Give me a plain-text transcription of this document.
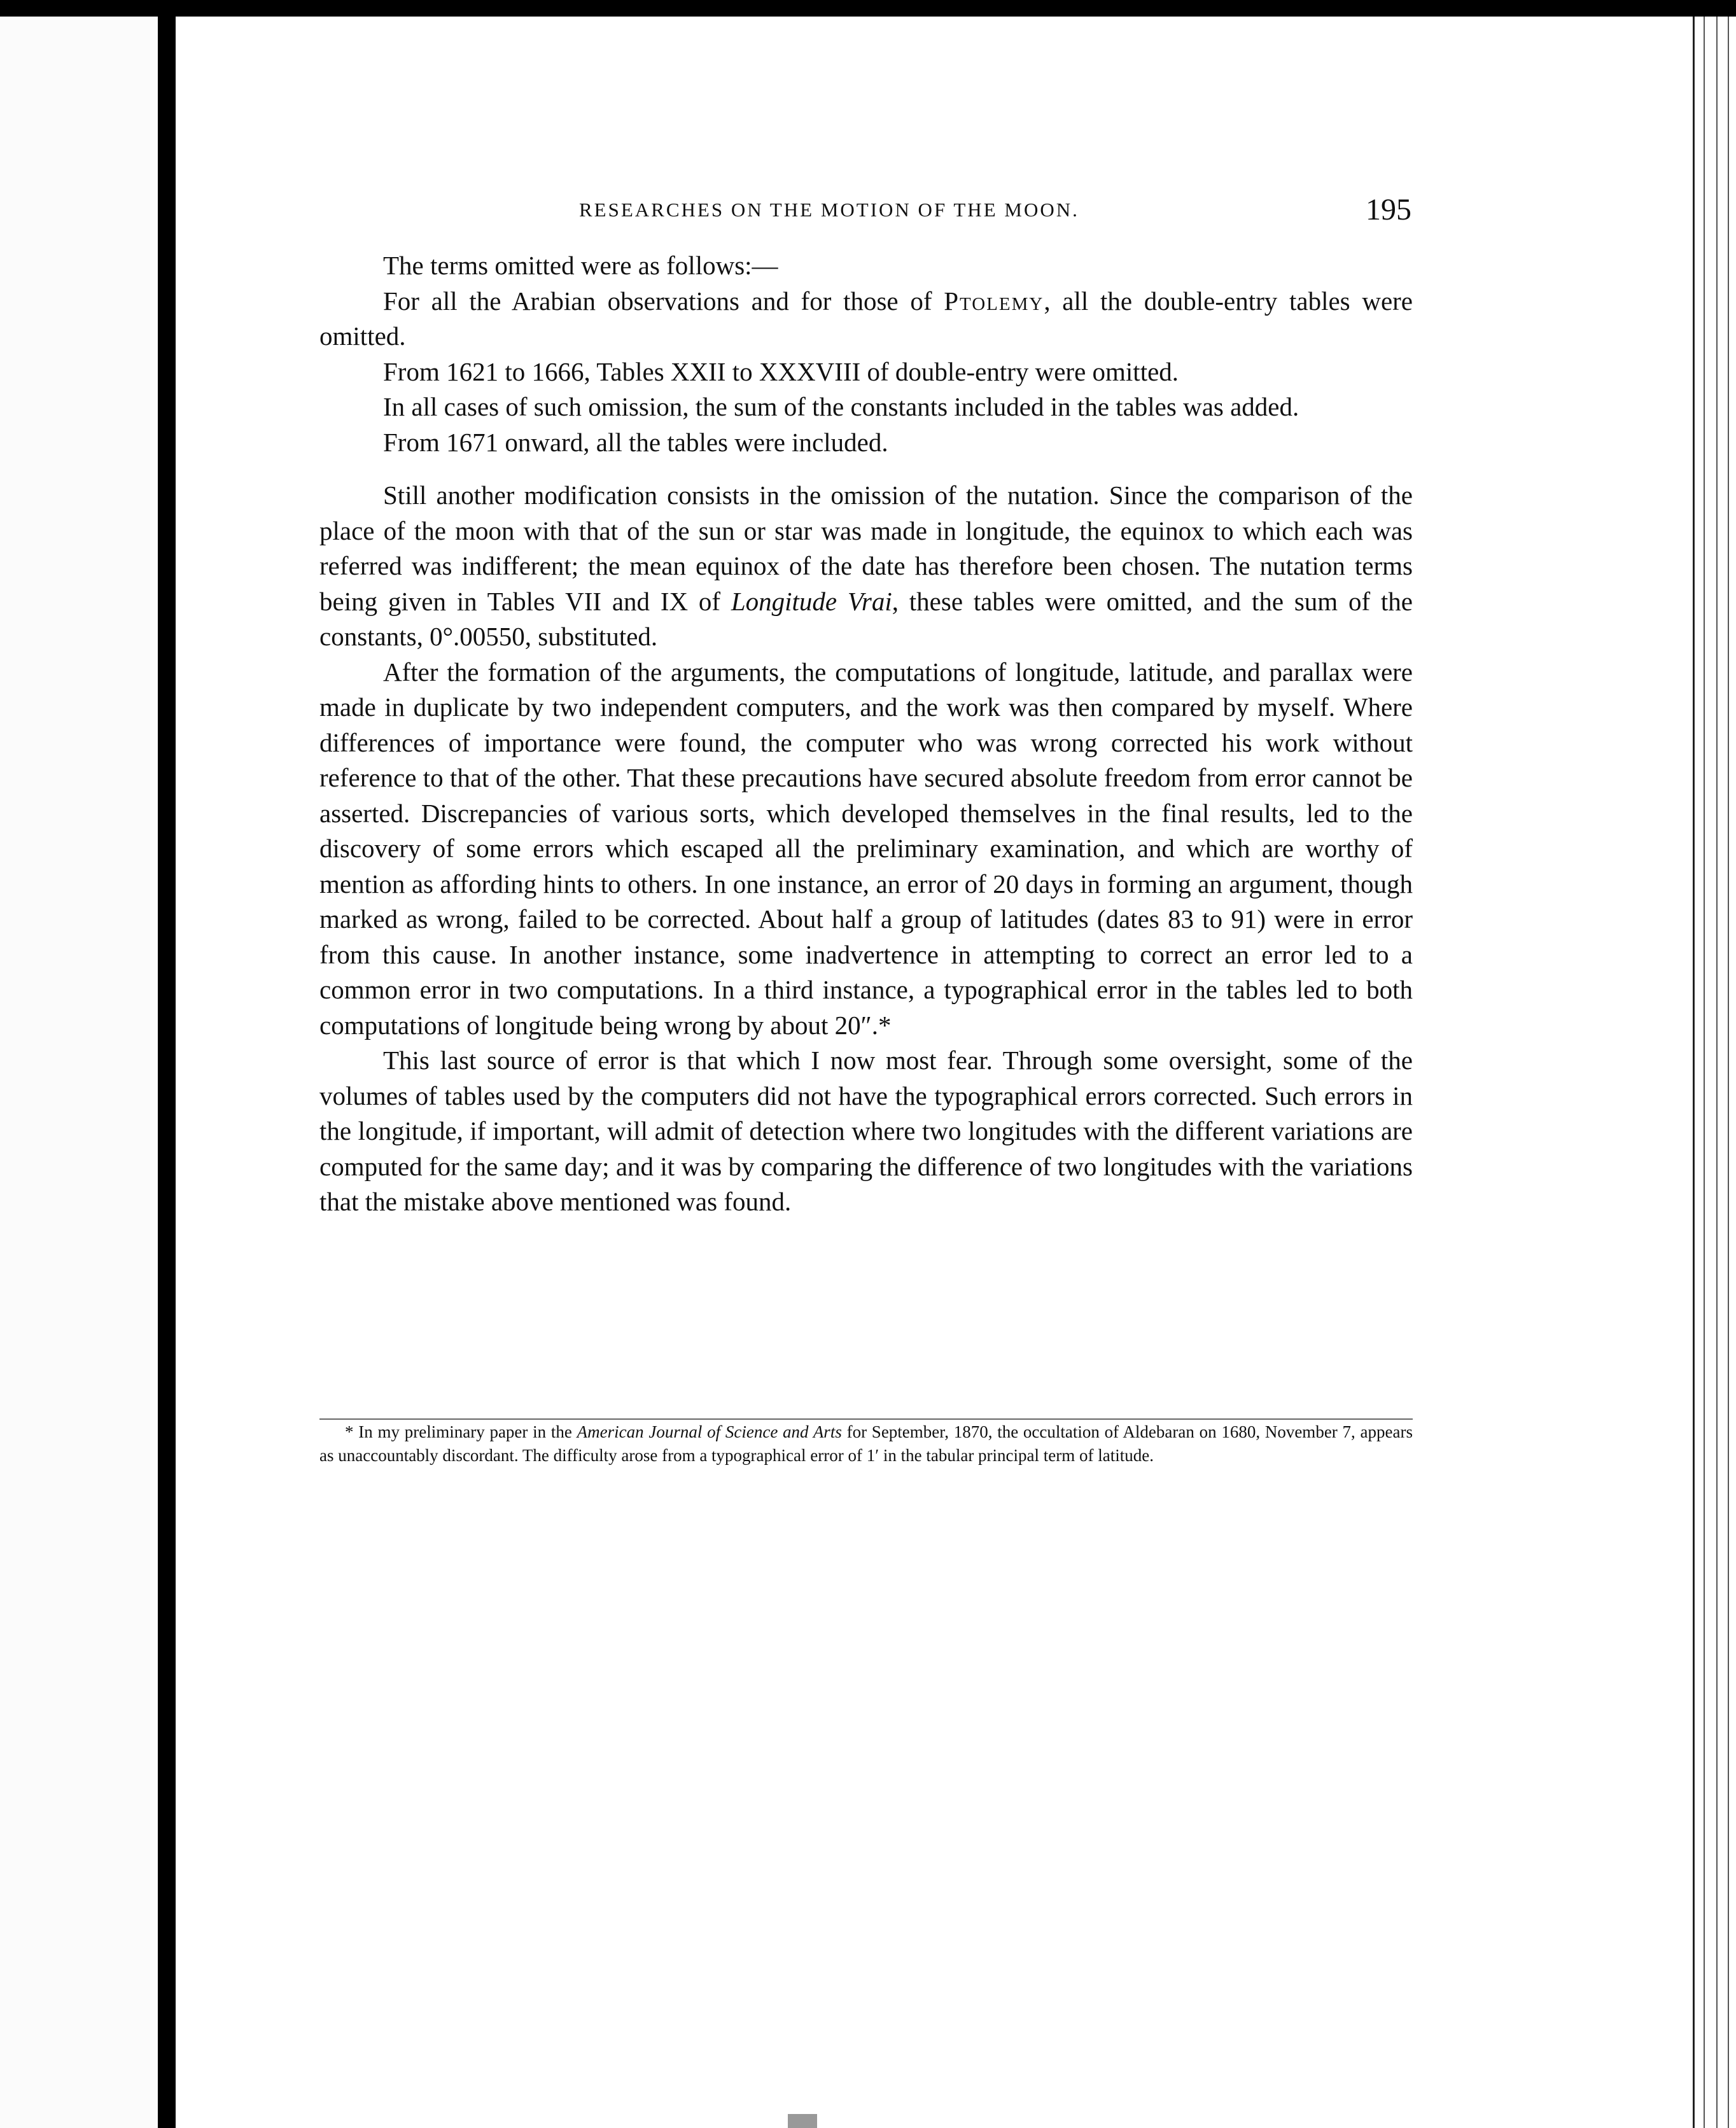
RESEARCHES ON THE MOTION OF THE MOON.	195

The terms omitted were as follows:—

For all the Arabian observations and for those of Ptolemy, all the double-entry tables were omitted.

From 1621 to 1666, Tables XXII to XXXVIII of double-entry were omitted.

In all cases of such omission, the sum of the constants included in the tables was added.

From 1671 onward, all the tables were included.

Still another modification consists in the omission of the nutation. Since the comparison of the place of the moon with that of the sun or star was made in longitude, the equinox to which each was referred was indifferent; the mean equinox of the date has therefore been chosen. The nutation terms being given in Tables VII and IX of Longitude Vrai, these tables were omitted, and the sum of the constants, 0°.00550, substituted.

After the formation of the arguments, the computations of longitude, latitude, and parallax were made in duplicate by two independent computers, and the work was then compared by myself. Where differences of importance were found, the computer who was wrong corrected his work without reference to that of the other. That these precautions have secured absolute freedom from error cannot be asserted. Discrepancies of various sorts, which developed themselves in the final results, led to the discovery of some errors which escaped all the preliminary examination, and which are worthy of mention as affording hints to others. In one instance, an error of 20 days in forming an argument, though marked as wrong, failed to be corrected. About half a group of latitudes (dates 83 to 91) were in error from this cause. In another instance, some inadvertence in attempting to correct an error led to a common error in two computations. In a third instance, a typographical error in the tables led to both computations of longitude being wrong by about 20″.*

This last source of error is that which I now most fear. Through some oversight, some of the volumes of tables used by the computers did not have the typographical errors corrected. Such errors in the longitude, if important, will admit of detection where two longitudes with the different variations are computed for the same day; and it was by comparing the difference of two longitudes with the variations that the mistake above mentioned was found.

* In my preliminary paper in the American Journal of Science and Arts for September, 1870, the occultation of Aldebaran on 1680, November 7, appears as unaccountably discordant. The difficulty arose from a typographical error of 1′ in the tabular principal term of latitude.
